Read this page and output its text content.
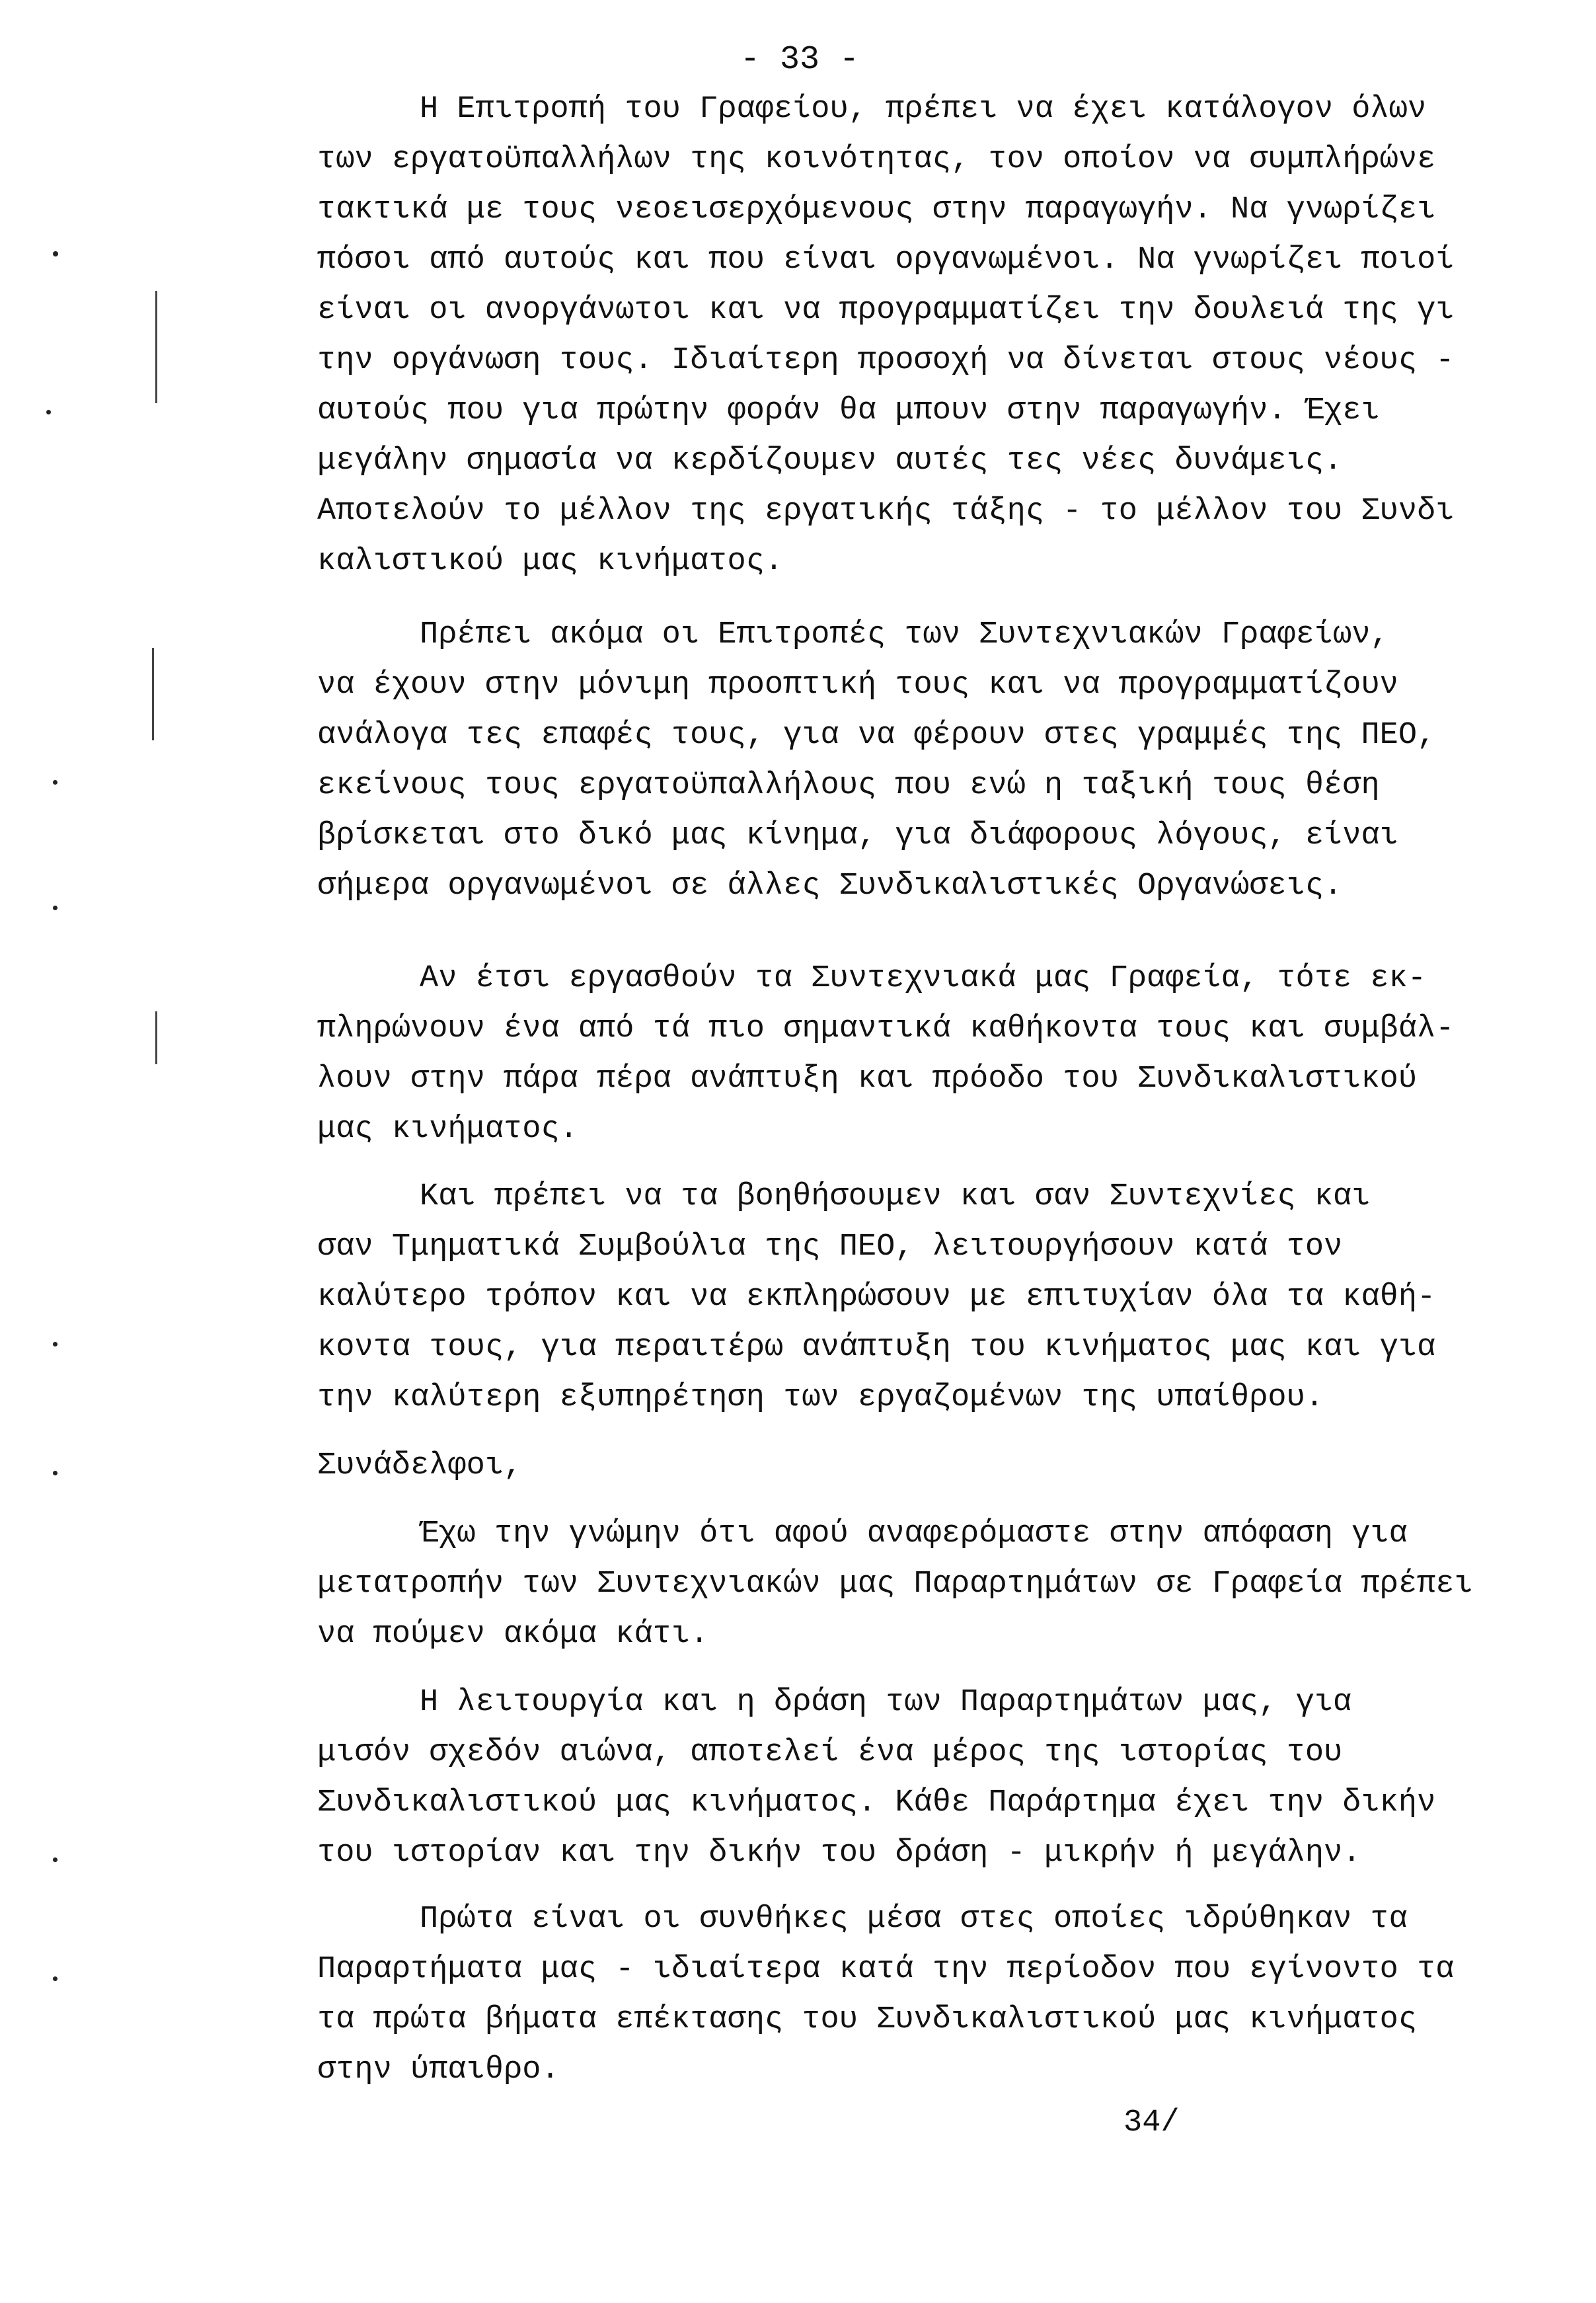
- 33 -
Η Επιτροπή του Γραφείου, πρέπει να έχει κατάλογον όλων
των εργατοϋπαλλήλων της κοινότητας, τον οποίον να συμπλήρώνε
τακτικά με τους νεοεισερχόμενους στην παραγωγήν. Να γνωρίζει
πόσοι από αυτούς και που είναι οργανωμένοι. Να γνωρίζει ποιοί
είναι οι ανοργάνωτοι και να προγραμματίζει την δουλειά της γι
την οργάνωση τους. Ιδιαίτερη προσοχή να δίνεται στους νέους -
αυτούς που για πρώτην φοράν θα μπουν στην παραγωγήν. Έχει
μεγάλην σημασία να κερδίζουμεν αυτές τες νέες δυνάμεις.
Αποτελούν το μέλλον της εργατικής τάξης - το μέλλον του Συνδι
καλιστικού μας κινήματος.
Πρέπει ακόμα οι Επιτροπές των Συντεχνιακών Γραφείων,
να έχουν στην μόνιμη προοπτική τους και να προγραμματίζουν
ανάλογα τες επαφές τους, για να φέρουν στες γραμμές της ΠΕΟ,
εκείνους τους εργατοϋπαλλήλους που ενώ η ταξική τους θέση
βρίσκεται στο δικό μας κίνημα, για διάφορους λόγους, είναι
σήμερα οργανωμένοι σε άλλες Συνδικαλιστικές Οργανώσεις.
Αν έτσι εργασθούν τα Συντεχνιακά μας Γραφεία, τότε εκ-
πληρώνουν ένα από τά πιο σημαντικά καθήκοντα τους και συμβάλ-
λουν στην πάρα πέρα ανάπτυξη και πρόοδο του Συνδικαλιστικού
μας κινήματος.
Και πρέπει να τα βοηθήσουμεν και σαν Συντεχνίες και
σαν Τμηματικά Συμβούλια της ΠΕΟ, λειτουργήσουν κατά τον
καλύτερο τρόπον και να εκπληρώσουν με επιτυχίαν όλα τα καθή-
κοντα τους, για περαιτέρω ανάπτυξη του κινήματος μας και για
την καλύτερη εξυπηρέτηση των εργαζομένων της υπαίθρου.
Συνάδελφοι,
Έχω την γνώμην ότι αφού αναφερόμαστε στην απόφαση για
μετατροπήν των Συντεχνιακών μας Παραρτημάτων σε Γραφεία πρέπει
να πούμεν ακόμα κάτι.
Η λειτουργία και η δράση των Παραρτημάτων μας, για
μισόν σχεδόν αιώνα, αποτελεί ένα μέρος της ιστορίας του
Συνδικαλιστικού μας κινήματος. Κάθε Παράρτημα έχει την δικήν
του ιστορίαν και την δικήν του δράση - μικρήν ή μεγάλην.
Πρώτα είναι οι συνθήκες μέσα στες οποίες ιδρύθηκαν τα
Παραρτήματα μας - ιδιαίτερα κατά την περίοδον που εγίνοντο τα
τα πρώτα βήματα επέκτασης του Συνδικαλιστικού μας κινήματος
στην ύπαιθρο.
34/
